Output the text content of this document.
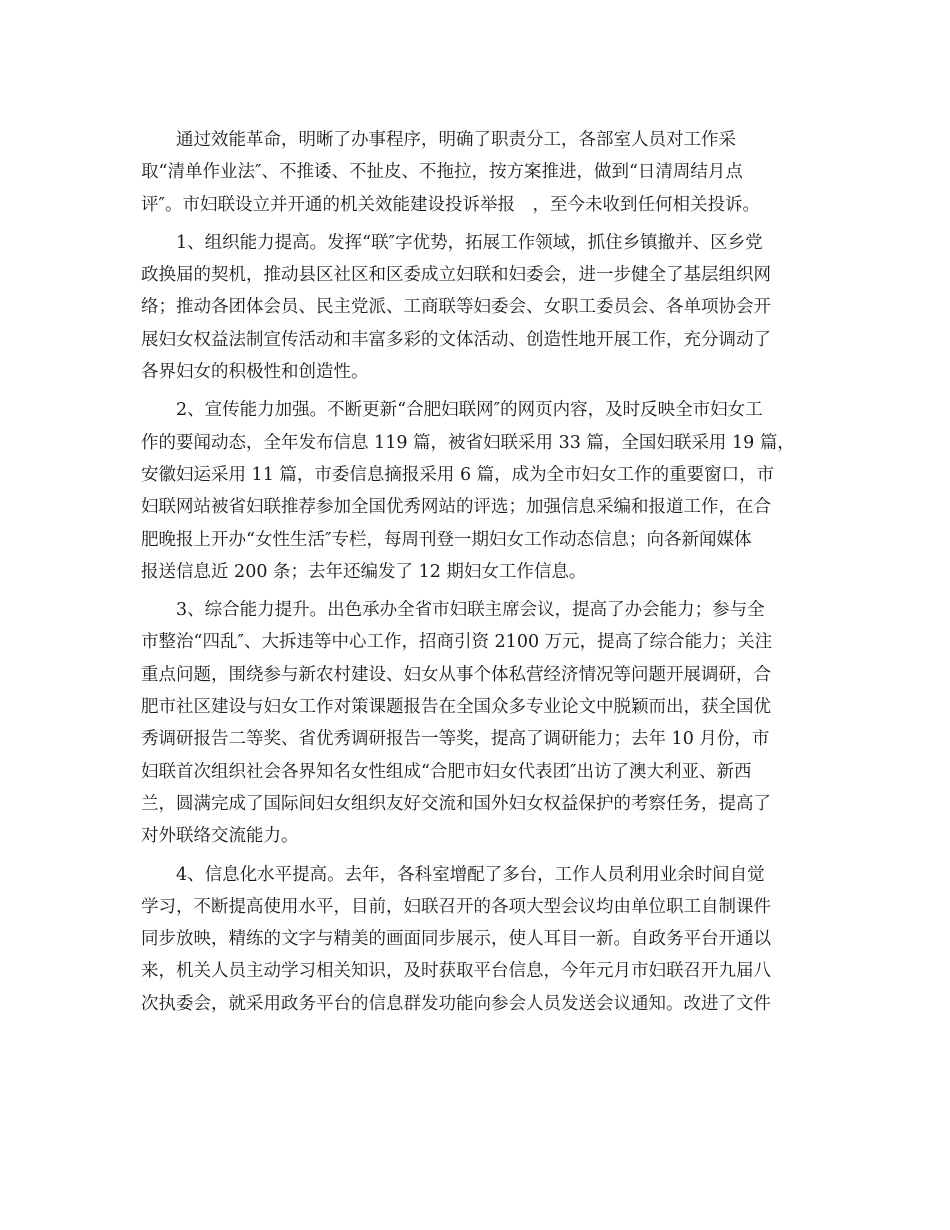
通过效能革命，明晰了办事程序，明确了职责分工，各部室人员对工作采
取“清单作业法″、不推诿、不扯皮、不拖拉，按方案推进，做到“日清周结月点
评″。市妇联设立并开通的机关效能建设投诉举报　，至今未收到任何相关投诉。
1、组织能力提高。发挥“联″字优势，拓展工作领域，抓住乡镇撤并、区乡党
政换届的契机，推动县区社区和区委成立妇联和妇委会，进一步健全了基层组织网
络；推动各团体会员、民主党派、工商联等妇委会、女职工委员会、各单项协会开
展妇女权益法制宣传活动和丰富多彩的文体活动、创造性地开展工作，充分调动了
各界妇女的积极性和创造性。
2、宣传能力加强。不断更新“合肥妇联网″的网页内容，及时反映全市妇女工
作的要闻动态，全年发布信息 119 篇，被省妇联采用 33 篇，全国妇联采用 19 篇，
安徽妇运采用 11 篇，市委信息摘报采用 6 篇，成为全市妇女工作的重要窗口，市
妇联网站被省妇联推荐参加全国优秀网站的评选；加强信息采编和报道工作，在合
肥晚报上开办“女性生活″专栏，每周刊登一期妇女工作动态信息；向各新闻媒体
报送信息近 200 条；去年还编发了 12 期妇女工作信息。
3、综合能力提升。出色承办全省市妇联主席会议，提高了办会能力；参与全
市整治“四乱″、大拆违等中心工作，招商引资 2100 万元，提高了综合能力；关注
重点问题，围绕参与新农村建设、妇女从事个体私营经济情况等问题开展调研，合
肥市社区建设与妇女工作对策课题报告在全国众多专业论文中脱颖而出，获全国优
秀调研报告二等奖、省优秀调研报告一等奖，提高了调研能力；去年 10 月份，市
妇联首次组织社会各界知名女性组成“合肥市妇女代表团″出访了澳大利亚、新西
兰，圆满完成了国际间妇女组织友好交流和国外妇女权益保护的考察任务，提高了
对外联络交流能力。
4、信息化水平提高。去年，各科室增配了多台，工作人员利用业余时间自觉
学习，不断提高使用水平，目前，妇联召开的各项大型会议均由单位职工自制课件
同步放映，精练的文字与精美的画面同步展示，使人耳目一新。自政务平台开通以
来，机关人员主动学习相关知识，及时获取平台信息，今年元月市妇联召开九届八
次执委会，就采用政务平台的信息群发功能向参会人员发送会议通知。改进了文件
